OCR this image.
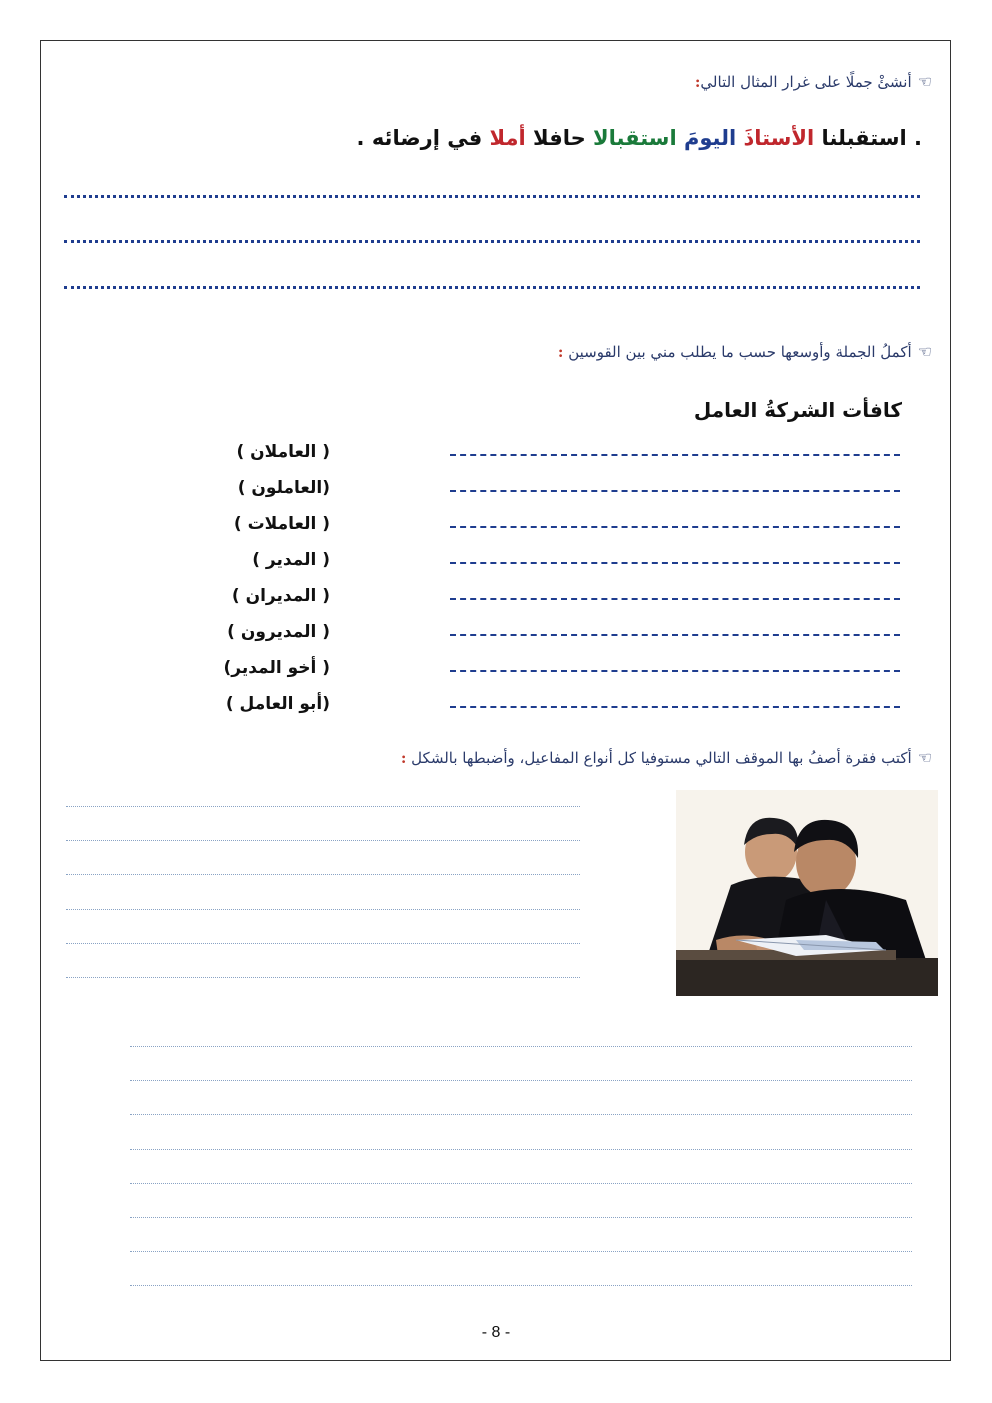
☜أنشئْ جملًا على غرار المثال التالي:
. استقبلنا الأستاذَ اليومَ استقبالا حافلا أملا في إرضائه .
☜أكملُ الجملة وأوسعها حسب ما يطلب مني بين القوسين :
كافأت الشركةُ العامل
( العاملان )
(العاملون )
( العاملات )
( المدير )
( المديران )
( المديرون )
( أخو المدير)
(أبو العامل )
☜أكتب فقرة أصفُ بها الموقف التالي مستوفيا كل أنواع المفاعيل، وأضبطها بالشكل :
- 8 -
